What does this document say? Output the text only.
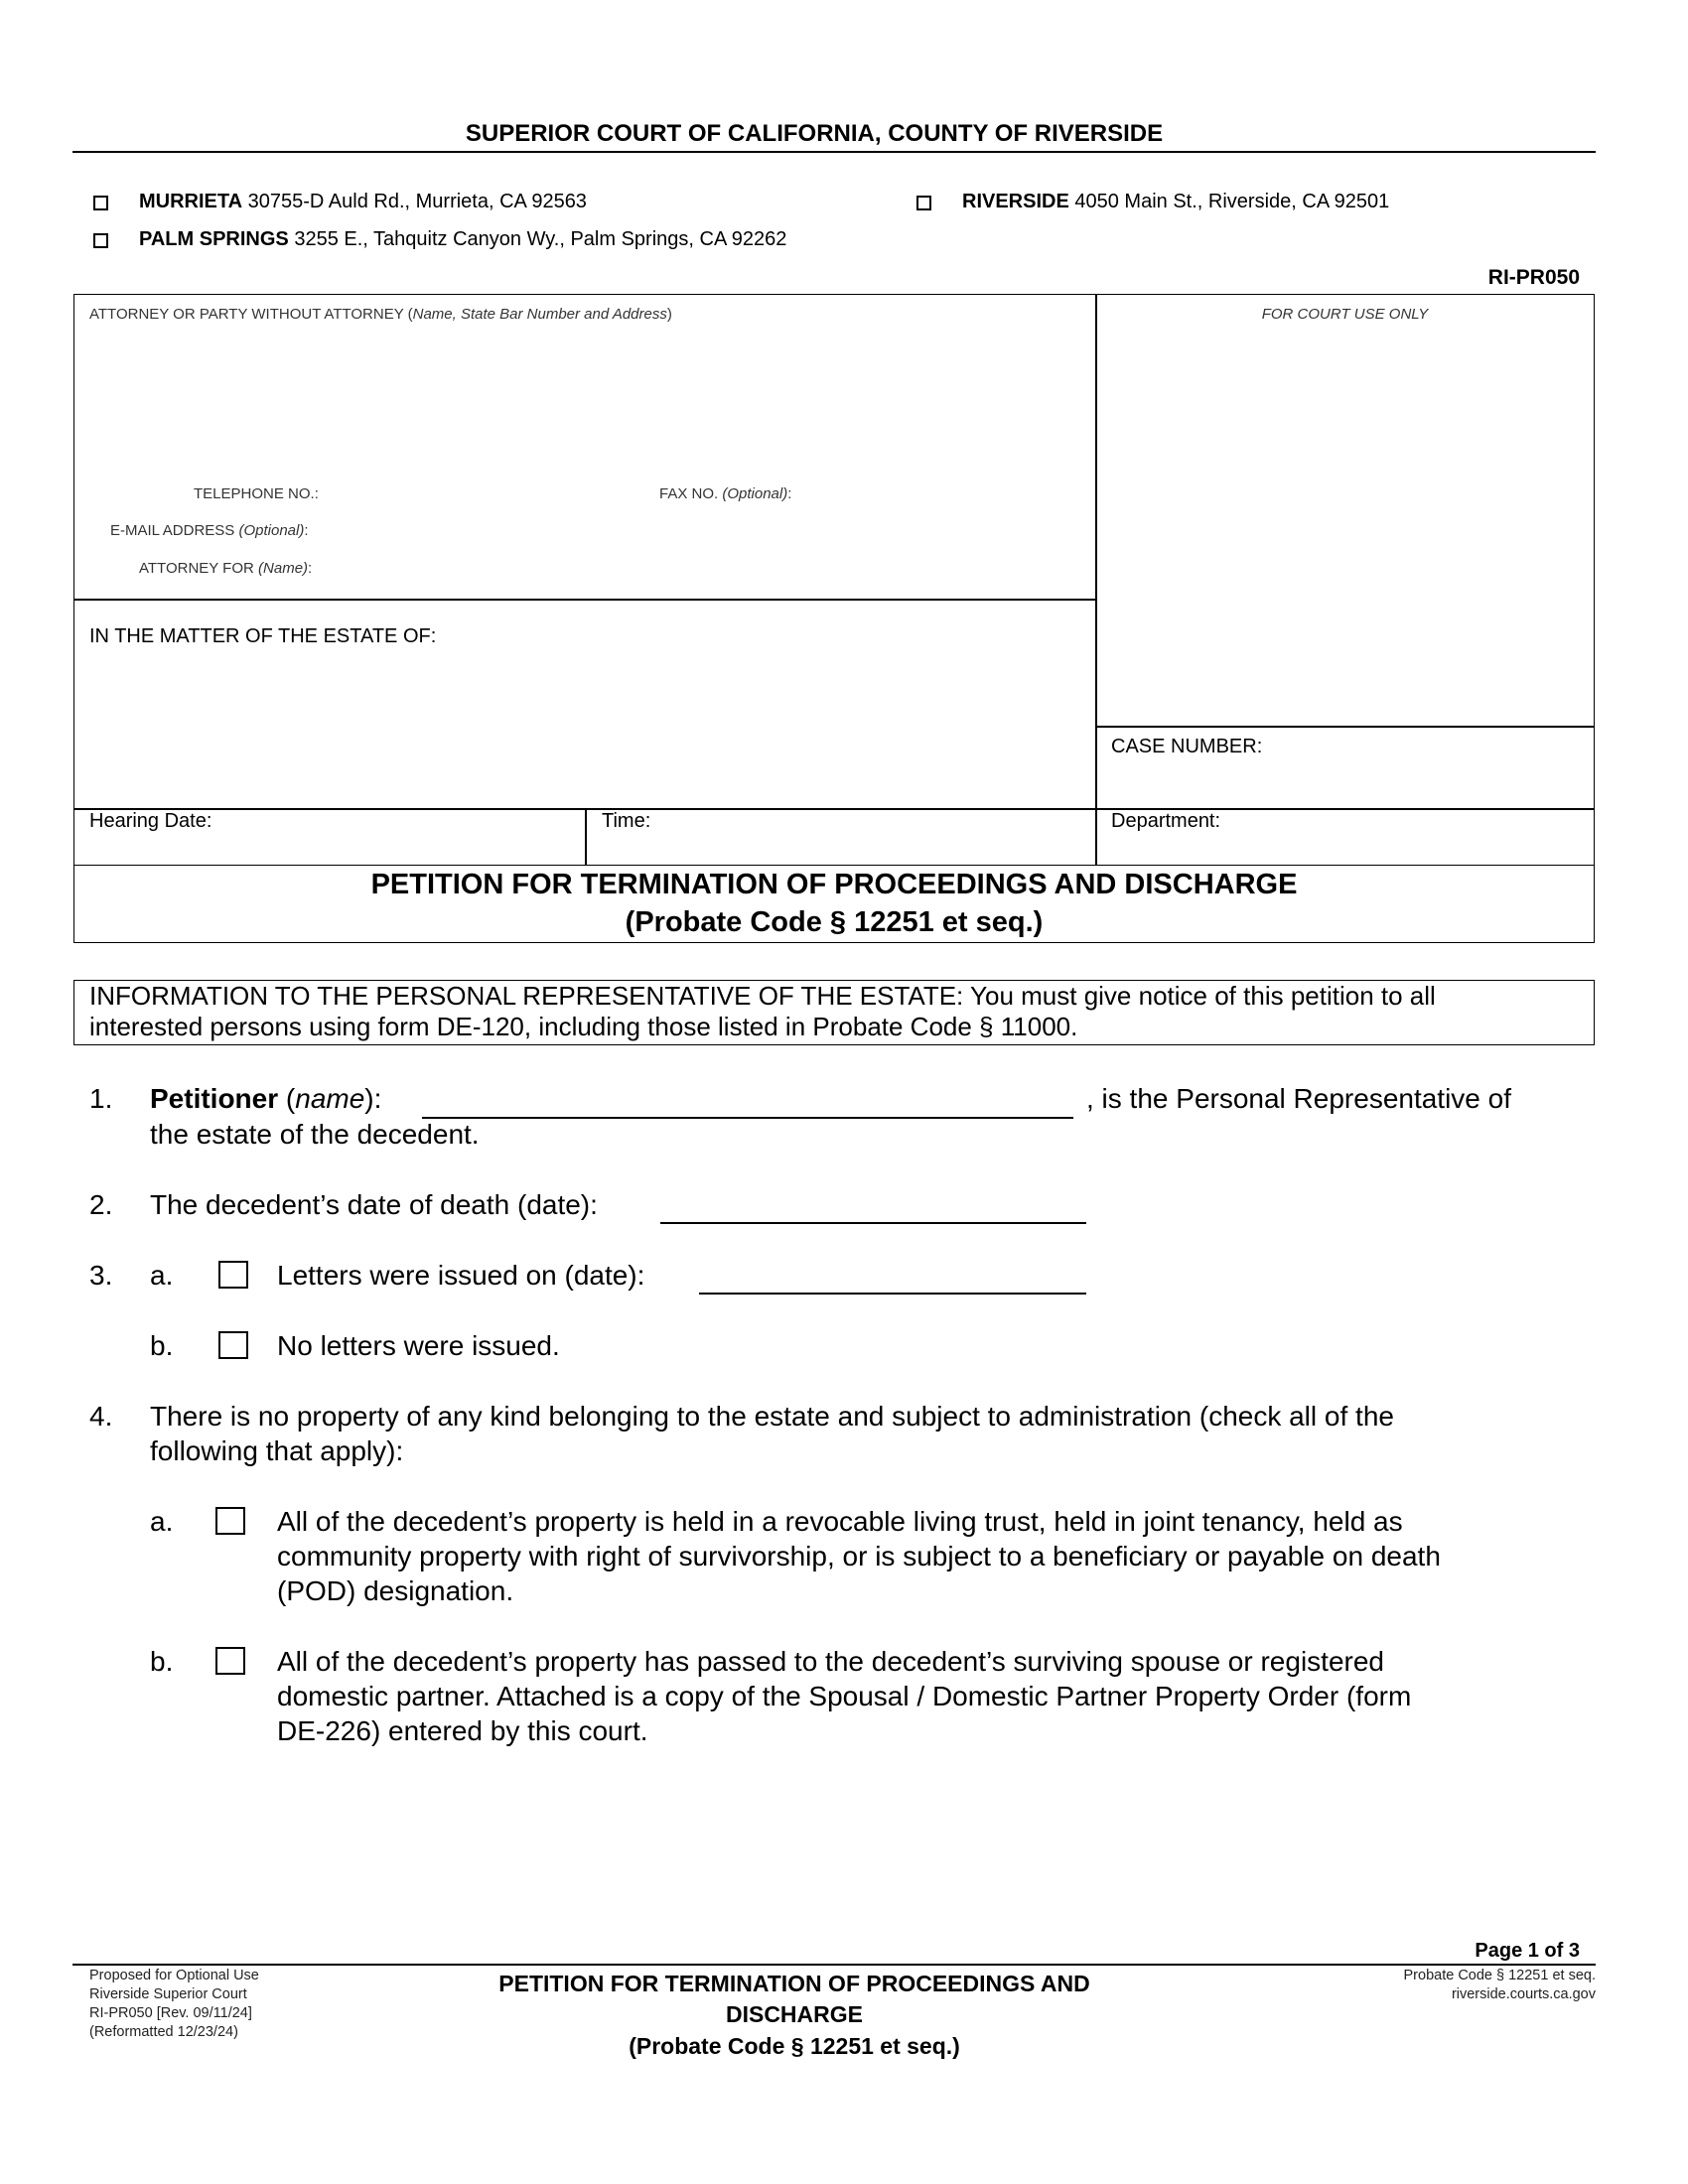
SUPERIOR COURT OF CALIFORNIA, COUNTY OF RIVERSIDE
MURRIETA 30755-D Auld Rd., Murrieta, CA 92563	RIVERSIDE 4050 Main St., Riverside, CA 92501
PALM SPRINGS 3255 E., Tahquitz Canyon Wy., Palm Springs, CA 92262
RI-PR050
ATTORNEY OR PARTY WITHOUT ATTORNEY (Name, State Bar Number and Address)	FOR COURT USE ONLY
TELEPHONE NO.:	FAX NO. (Optional):
E-MAIL ADDRESS (Optional):
ATTORNEY FOR (Name):
IN THE MATTER OF THE ESTATE OF:
CASE NUMBER:
Hearing Date:	Time:	Department:
PETITION FOR TERMINATION OF PROCEEDINGS AND DISCHARGE
(Probate Code § 12251 et seq.)
INFORMATION TO THE PERSONAL REPRESENTATIVE OF THE ESTATE: You must give notice of this petition to all
interested persons using form DE-120, including those listed in Probate Code § 11000.
1. Petitioner (name):	, is the Personal Representative of
the estate of the decedent.
2. The decedent’s date of death (date):
3. a.	Letters were issued on (date):
b.	No letters were issued.
4. There is no property of any kind belonging to the estate and subject to administration (check all of the
following that apply):
a.	All of the decedent’s property is held in a revocable living trust, held in joint tenancy, held as
community property with right of survivorship, or is subject to a beneficiary or payable on death
(POD) designation.
b.	All of the decedent’s property has passed to the decedent’s surviving spouse or registered
domestic partner. Attached is a copy of the Spousal / Domestic Partner Property Order (form
DE-226) entered by this court.
Page 1 of 3
Proposed for Optional Use
Riverside Superior Court
RI-PR050 [Rev. 09/11/24]
(Reformatted 12/23/24)
PETITION FOR TERMINATION OF PROCEEDINGS AND
DISCHARGE
(Probate Code § 12251 et seq.)
Probate Code § 12251 et seq.
riverside.courts.ca.gov
